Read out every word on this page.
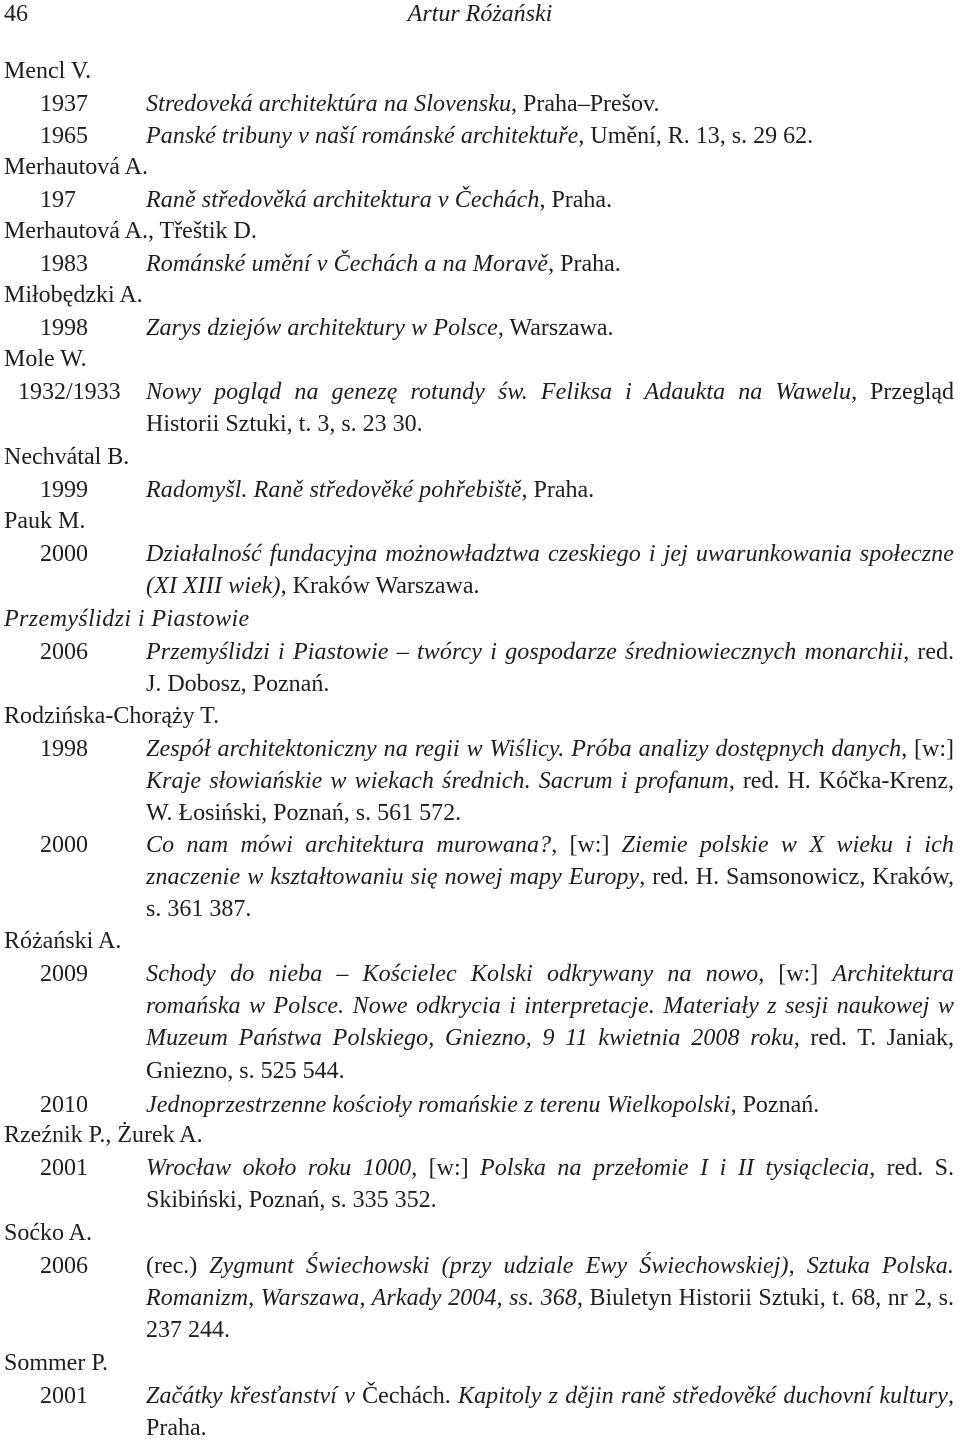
46	Artur Różański
Mencl V.
1937 Stredoveká architektúra na Slovensku, Praha–Prešov.
1965 Panské tribuny v naší románské architektuře, Umění, R. 13, s. 29 62.
Merhautová A.
197	Raně středověká architektura v Čechách, Praha.
Merhautová A., Třeštik D.
1983 Románské umění v Čechách a na Moravě, Praha.
Miłobędzki A.
1998 Zarys dziejów architektury w Polsce, Warszawa.
Mole W.
1932/1933 Nowy pogląd na genezę rotundy św. Feliksa i Adaukta na Wawelu, Przegląd Historii Sztuki, t. 3, s. 23 30.
Nechvátal B.
1999 Radomyšl. Raně středověké pohřebiště, Praha.
Pauk M.
2000 Działalność fundacyjna możnowładztwa czeskiego i jej uwarunkowania społeczne (XI XIII wiek), Kraków Warszawa.
Przemyślidzi i Piastowie
2006 Przemyślidzi i Piastowie – twórcy i gospodarze średniowiecznych monarchii, red. J. Dobosz, Poznań.
Rodzińska-Chorąży T.
1998 Zespół architektoniczny na regii w Wiślicy. Próba analizy dostępnych danych, [w:] Kraje słowiańskie w wiekach średnich. Sacrum i profanum, red. H. Kóčka-Krenz, W. Łosiński, Poznań, s. 561 572.
2000 Co nam mówi architektura murowana?, [w:] Ziemie polskie w X wieku i ich znaczenie w kształtowaniu się nowej mapy Europy, red. H. Samsonowicz, Kraków, s. 361 387.
Różański A.
2009 Schody do nieba – Kościelec Kolski odkrywany na nowo, [w:] Architektura romańska w Polsce. Nowe odkrycia i interpretacje. Materiały z sesji naukowej w Muzeum Państwa Polskiego, Gniezno, 9 11 kwietnia 2008 roku, red. T. Janiak, Gniezno, s. 525 544.
2010 Jednoprzestrzenne kościoły romańskie z terenu Wielkopolski, Poznań.
Rzeźnik P., Żurek A.
2001 Wrocław około roku 1000, [w:] Polska na przełomie I i II tysiąclecia, red. S. Skibiński, Poznań, s. 335 352.
Soćko A.
2006 (rec.) Zygmunt Świechowski (przy udziale Ewy Świechowskiej), Sztuka Polska. Romanizm, Warszawa, Arkady 2004, ss. 368, Biuletyn Historii Sztuki, t. 68, nr 2, s. 237 244.
Sommer P.
2001 Začátky křesťanství v Čechách. Kapitoly z dějin raně středověké duchovní kultury, Praha.
